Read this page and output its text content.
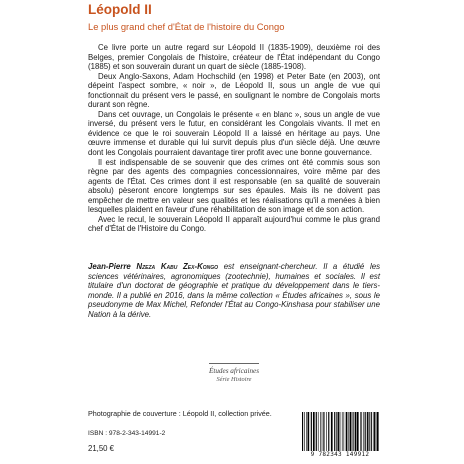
Léopold II
Le plus grand chef d'État de l'histoire du Congo

Ce livre porte un autre regard sur Léopold II (1835-1909), deuxième roi des Belges, premier Congolais de l'histoire, créateur de l'État indépendant du Congo (1885) et son souverain durant un quart de siècle (1885-1908).

Deux Anglo-Saxons, Adam Hochschild (en 1998) et Peter Bate (en 2003), ont dépeint l'aspect sombre, « noir », de Léopold II, sous un angle de vue qui fonctionnait du présent vers le passé, en soulignant le nombre de Congolais morts durant son règne.

Dans cet ouvrage, un Congolais le présente « en blanc », sous un angle de vue inversé, du présent vers le futur, en considérant les Congolais vivants. Il met en évidence ce que le roi souverain Léopold II a laissé en héritage au pays. Une œuvre immense et durable qui lui survit depuis plus d'un siècle déjà. Une œuvre dont les Congolais pourraient davantage tirer profit avec une bonne gouvernance.

Il est indispensable de se souvenir que des crimes ont été commis sous son règne par des agents des compagnies concessionnaires, voire même par des agents de l'État. Ces crimes dont il est responsable (en sa qualité de souverain absolu) pèseront encore longtemps sur ses épaules. Mais ils ne doivent pas empêcher de mettre en valeur ses qualités et les réalisations qu'il a menées à bien lesquelles plaident en faveur d'une réhabilitation de son image et de son action.

Avec le recul, le souverain Léopold II apparaît aujourd'hui comme le plus grand chef d'État de l'Histoire du Congo.

Jean-Pierre Nzeza Kabu Zex-Kongo est enseignant-chercheur. Il a étudié les sciences vétérinaires, agronomiques (zootechnie), humaines et sociales. Il est titulaire d'un doctorat de géographie et pratique du développement dans le tiers-monde. Il a publié en 2016, dans la même collection « Études africaines », sous le pseudonyme de Max Michel, Refonder l'État au Congo-Kinshasa pour stabiliser une Nation à la dérive.
Études africaines
Série Histoire
Photographie de couverture : Léopold II, collection privée.
ISBN : 978-2-343-14991-2
21,50 €
9 782343 149912
